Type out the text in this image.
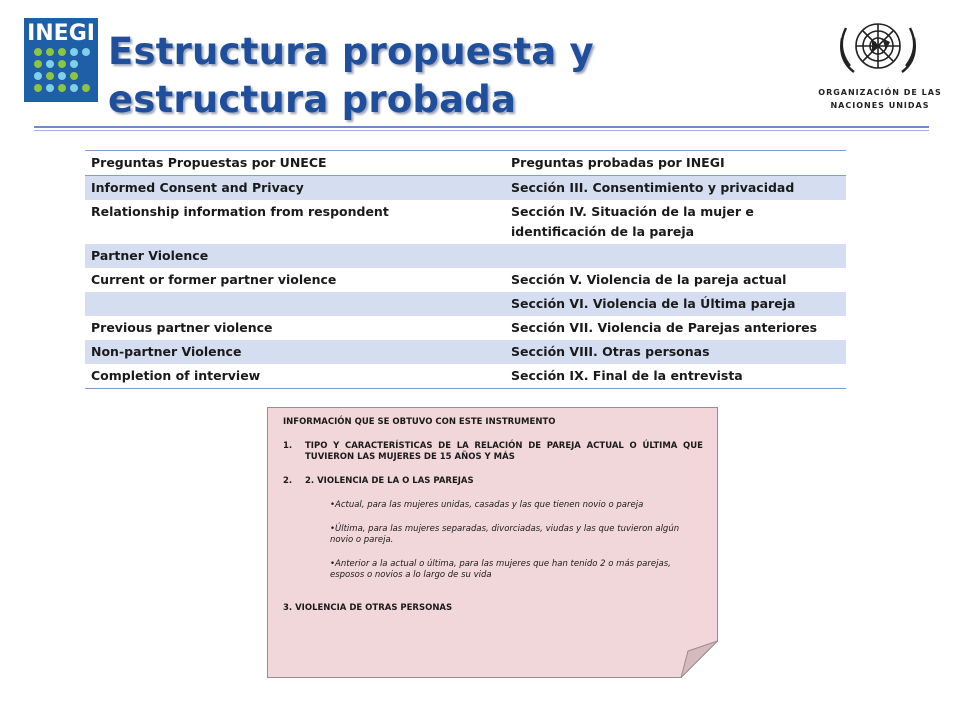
INEGI Estructura propuesta y estructura probada	ORGANIZACIÓN DE LAS
NACIONES UNIDAS
Preguntas Propuestas por UNECE	Preguntas probadas por INEGI
Informed Consent and Privacy	Sección III. Consentimiento y privacidad
Relationship information from respondent	Sección IV. Situación de la mujer e identificación de la pareja
Partner Violence	
Current or former partner violence	Sección V. Violencia de la pareja actual
	Sección VI. Violencia de la Última pareja
Previous partner violence	Sección VII. Violencia de Parejas anteriores
Non-partner Violence	Sección VIII. Otras personas
Completion of interview	Sección IX. Final de la entrevista
INFORMACIÓN QUE SE OBTUVO CON ESTE INSTRUMENTO
1.	TIPO Y CARACTERÍSTICAS DE LA RELACIÓN DE PAREJA ACTUAL O ÚLTIMA QUE TUVIERON LAS MUJERES DE 15 AÑOS Y MÁS
2.	2. VIOLENCIA DE LA O LAS PAREJAS
•Actual, para las mujeres unidas, casadas y las que tienen novio o pareja
•Última, para las mujeres separadas, divorciadas, viudas y las que tuvieron algún novio o pareja.
•Anterior a la actual o última, para las mujeres que han tenido 2 o más parejas, esposos o novios a lo largo de su vida
3. VIOLENCIA DE OTRAS PERSONAS
